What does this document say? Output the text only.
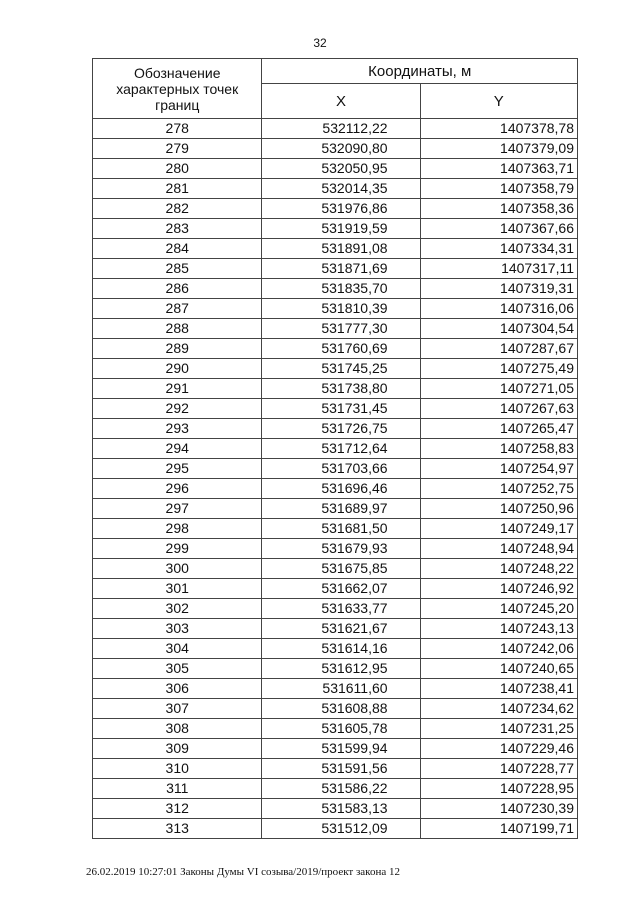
32
Обозначение характерных точек границ	Координаты, м	
	X	Y
278	532112,22	1407378,78
279	532090,80	1407379,09
280	532050,95	1407363,71
281	532014,35	1407358,79
282	531976,86	1407358,36
283	531919,59	1407367,66
284	531891,08	1407334,31
285	531871,69	1407317,11
286	531835,70	1407319,31
287	531810,39	1407316,06
288	531777,30	1407304,54
289	531760,69	1407287,67
290	531745,25	1407275,49
291	531738,80	1407271,05
292	531731,45	1407267,63
293	531726,75	1407265,47
294	531712,64	1407258,83
295	531703,66	1407254,97
296	531696,46	1407252,75
297	531689,97	1407250,96
298	531681,50	1407249,17
299	531679,93	1407248,94
300	531675,85	1407248,22
301	531662,07	1407246,92
302	531633,77	1407245,20
303	531621,67	1407243,13
304	531614,16	1407242,06
305	531612,95	1407240,65
306	531611,60	1407238,41
307	531608,88	1407234,62
308	531605,78	1407231,25
309	531599,94	1407229,46
310	531591,56	1407228,77
311	531586,22	1407228,95
312	531583,13	1407230,39
313	531512,09	1407199,71
26.02.2019 10:27:01 Законы Думы VI созыва/2019/проект закона 12
